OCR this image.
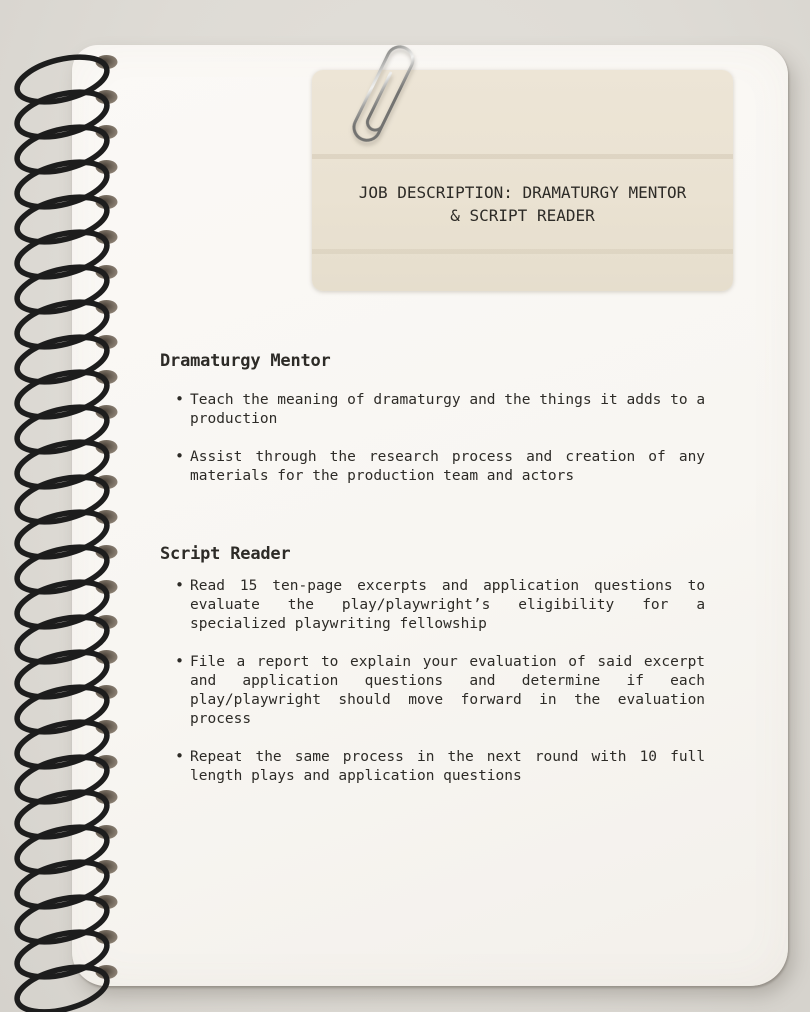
JOB DESCRIPTION: DRAMATURGY MENTOR & SCRIPT READER
Dramaturgy Mentor
• Teach the meaning of dramaturgy and the things it adds to a production
• Assist through the research process and creation of any materials for the production team and actors
Script Reader
• Read 15 ten-page excerpts and application questions to evaluate the play/playwright’s eligibility for a specialized playwriting fellowship
• File a report to explain your evaluation of said excerpt and application questions and determine if each play/playwright should move forward in the evaluation process
• Repeat the same process in the next round with 10 full length plays and application questions
